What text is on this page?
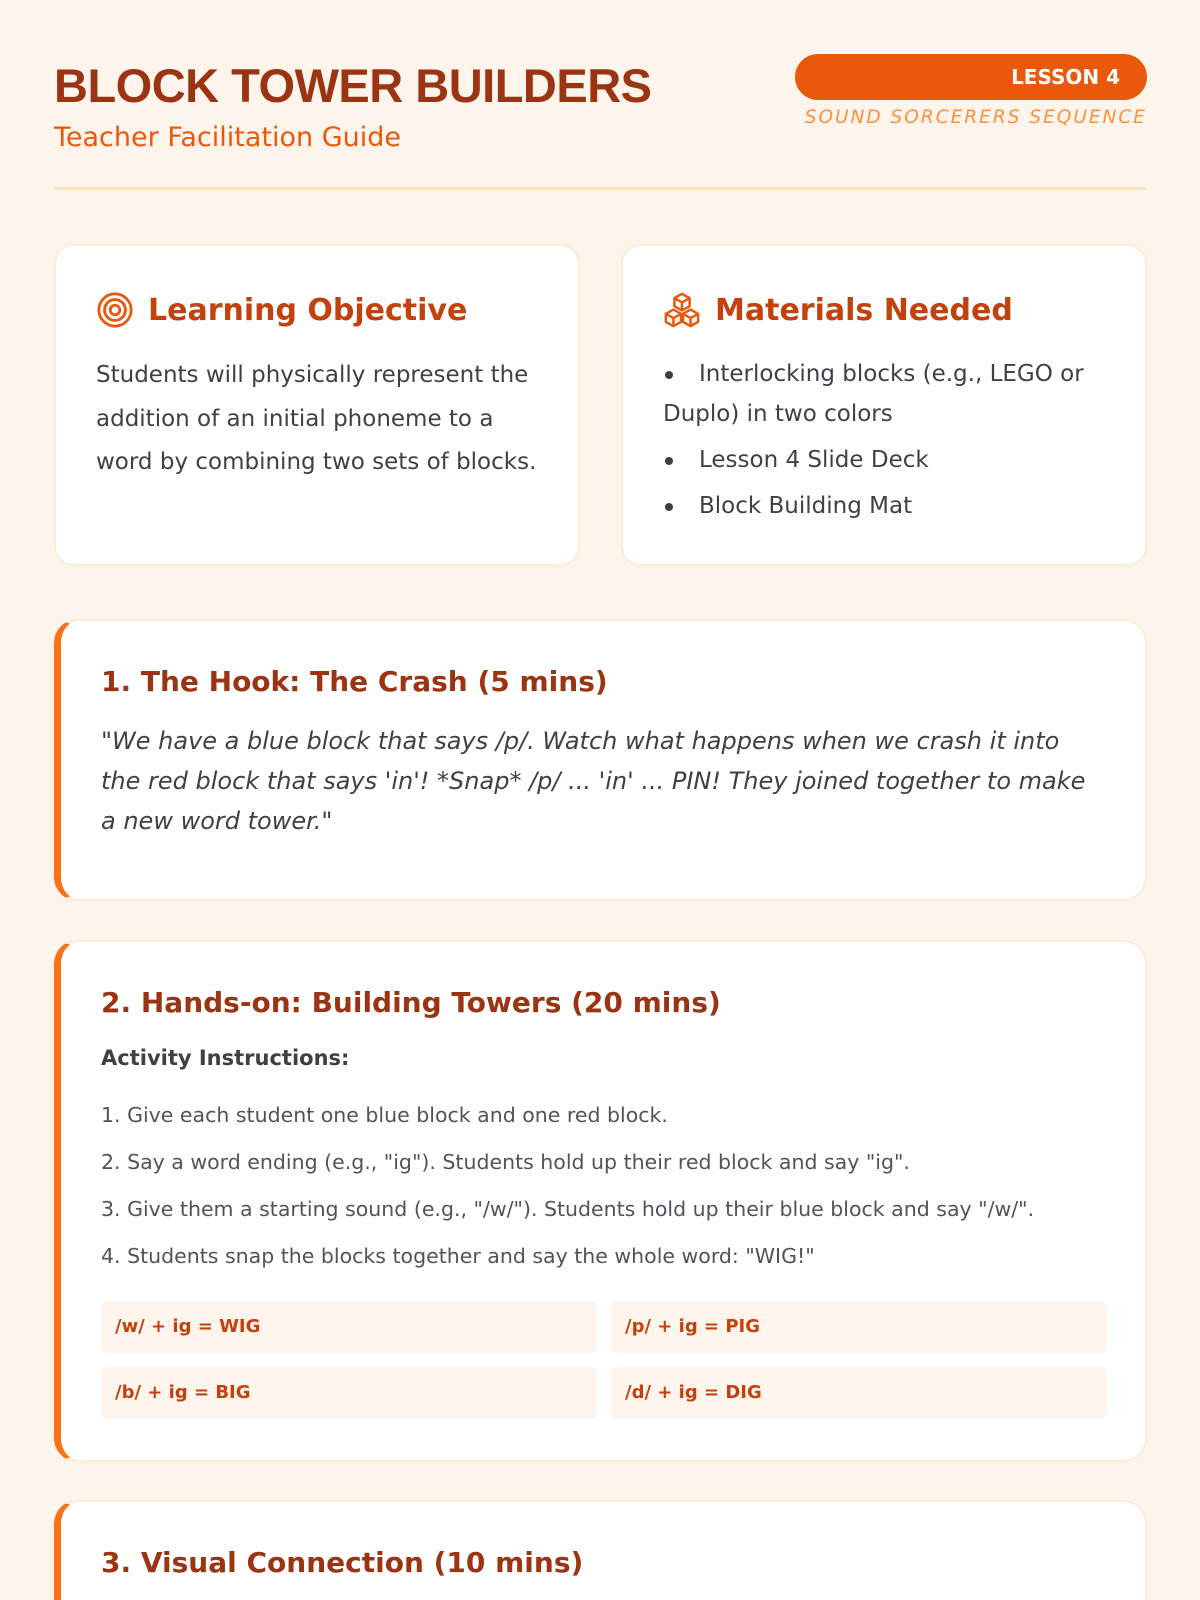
BLOCK TOWER BUILDERS
Teacher Facilitation Guide
LESSON 4
SOUND SORCERERS SEQUENCE
Learning Objective

Students will physically represent the addition of an initial phoneme to a word by combining two sets of blocks.

Materials Needed
Interlocking blocks (e.g., LEGO or Duplo) in two colors
Lesson 4 Slide Deck
Block Building Mat
1. The Hook: The Crash (5 mins)

"We have a blue block that says /p/. Watch what happens when we crash it into the red block that says 'in'! *Snap* /p/ ... 'in' ... PIN! They joined together to make a new word tower."

2. Hands-on: Building Towers (20 mins)
Activity Instructions:
1. Give each student one blue block and one red block.
2. Say a word ending (e.g., "ig"). Students hold up their red block and say "ig".
3. Give them a starting sound (e.g., "/w/"). Students hold up their blue block and say "/w/".
4. Students snap the blocks together and say the whole word: "WIG!"
/w/ + ig = WIG	/p/ + ig = PIG
/b/ + ig = BIG	/d/ + ig = DIG
3. Visual Connection (10 mins)
